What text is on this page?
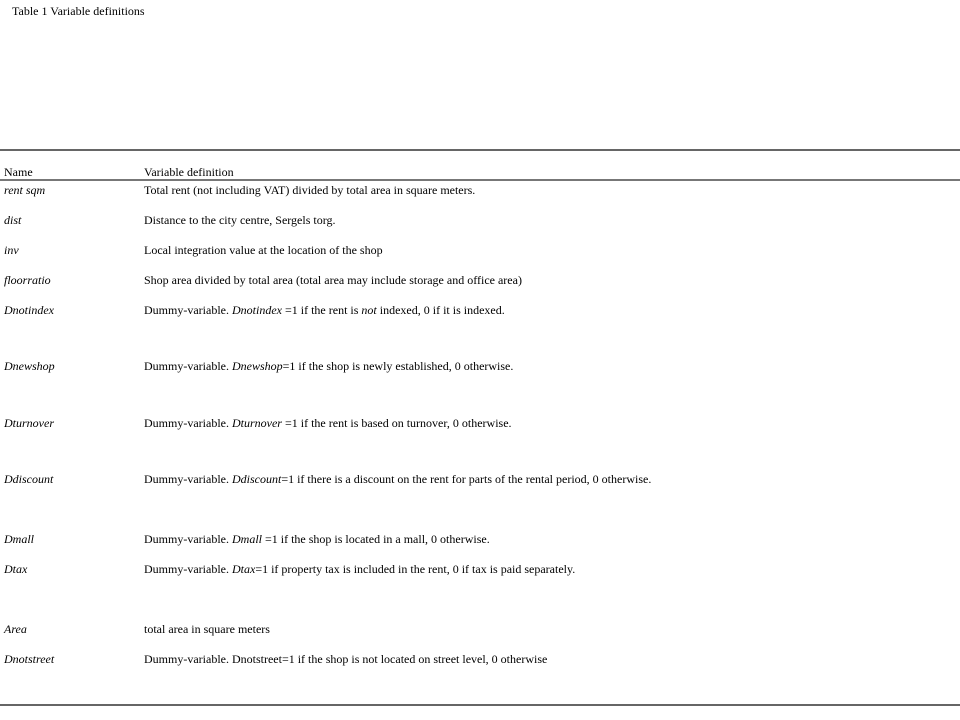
Table 1 Variable definitions
Name	Variable definition
rent sqm	Total rent (not including VAT) divided by total area in square meters.
dist	Distance to the city centre, Sergels torg.
inv	Local integration value at the location of the shop
floorratio	Shop area divided by total area (total area may include storage and office area)
Dnotindex	Dummy-variable. Dnotindex =1 if the rent is not indexed, 0 if it is indexed.
Dnewshop	Dummy-variable. Dnewshop=1 if the shop is newly established, 0 otherwise.
Dturnover	Dummy-variable. Dturnover =1 if the rent is based on turnover, 0 otherwise.
Ddiscount	Dummy-variable. Ddiscount=1 if there is a discount on the rent for parts of the rental period, 0 otherwise.
Dmall	Dummy-variable. Dmall =1 if the shop is located in a mall, 0 otherwise.
Dtax	Dummy-variable. Dtax=1 if property tax is included in the rent, 0 if tax is paid separately.
Area	total area in square meters
Dnotstreet	Dummy-variable. Dnotstreet=1 if the shop is not located on street level, 0 otherwise
